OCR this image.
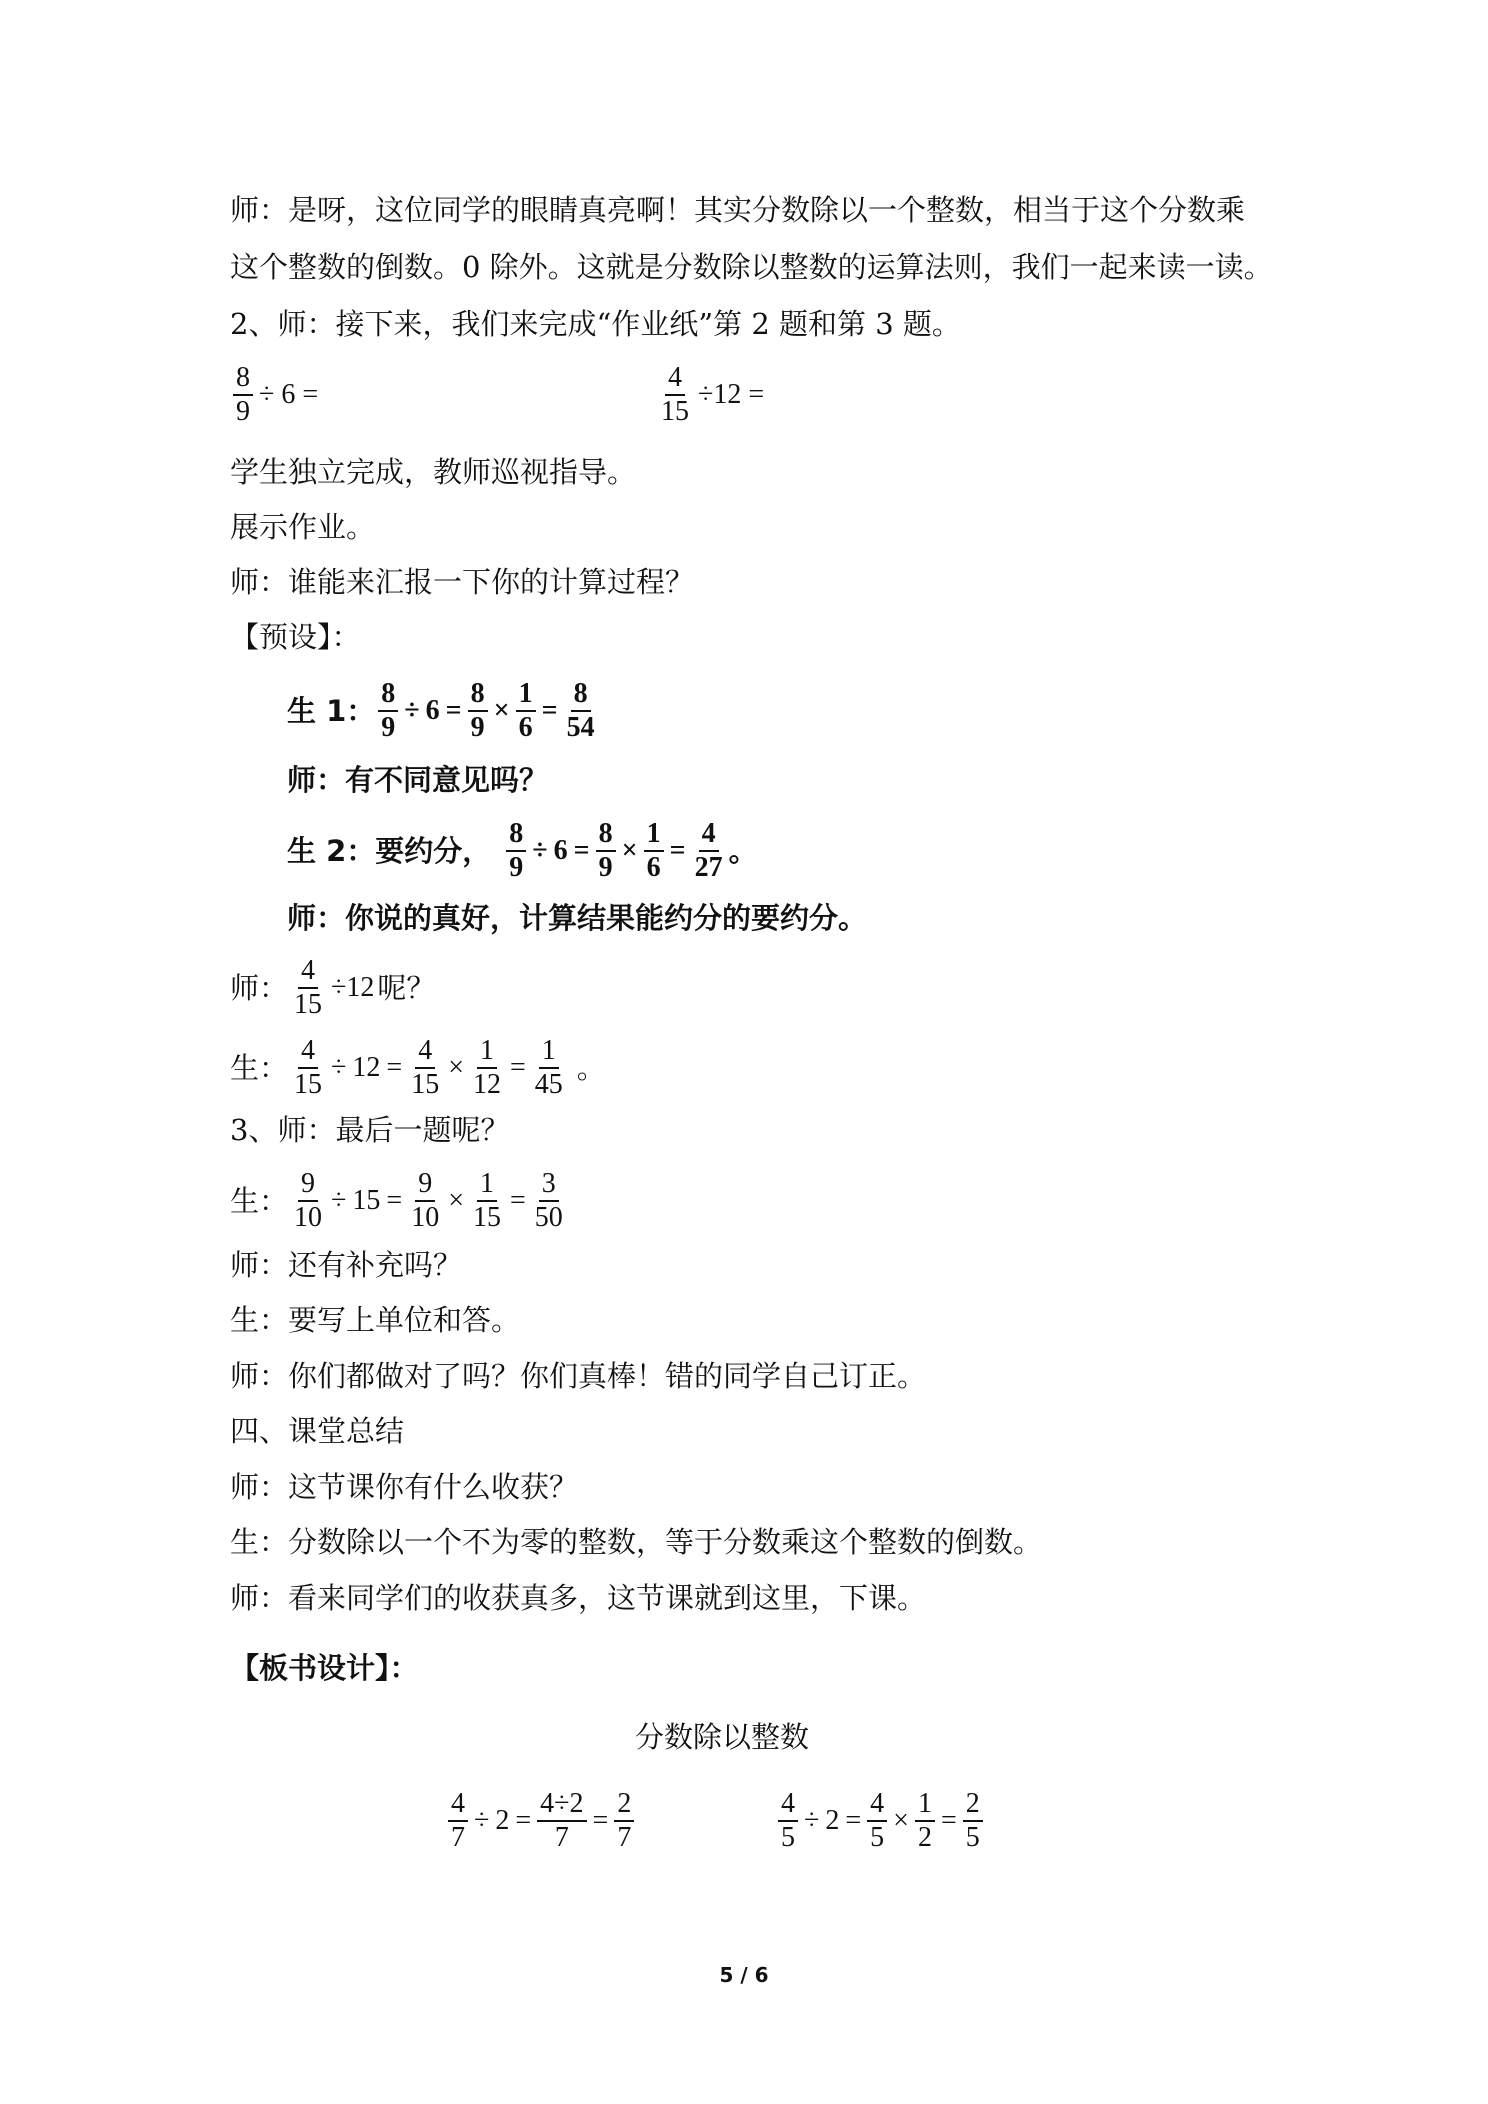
师：是呀，这位同学的眼睛真亮啊！其实分数除以一个整数，相当于这个分数乘
这个整数的倒数。0 除外。这就是分数除以整数的运算法则，我们一起来读一读。
2、师：接下来，我们来完成“作业纸”第 2 题和第 3 题。
$\frac{8}{9} \div 6$ =	$\frac{4}{15} \div 12$ =
学生独立完成，教师巡视指导。
展示作业。
师：谁能来汇报一下你的计算过程？
【预设】：
生 1： $\frac{8}{9} \div 6 = \frac{8}{9} \times \frac{1}{6} = \frac{8}{54}$
师：有不同意见吗？
生 2：要约分， $\frac{8}{9} \div 6 = \frac{8}{9} \times \frac{1}{6} = \frac{4}{27}$ 。
师：你说的真好，计算结果能约分的要约分。
师： $\frac{4}{15} \div 12$ 呢？
生： $\frac{4}{15} \div 12 = \frac{4}{15} \times \frac{1}{12} = \frac{1}{45}$ 。
3、师：最后一题呢？
生： $\frac{9}{10} \div 15 = \frac{9}{10} \times \frac{1}{15} = \frac{3}{50}$
师：还有补充吗？
生：要写上单位和答。
师：你们都做对了吗？你们真棒！错的同学自己订正。
四、课堂总结
师：这节课你有什么收获？
生：分数除以一个不为零的整数，等于分数乘这个整数的倒数。
师：看来同学们的收获真多，这节课就到这里，下课。
【板书设计】：
分数除以整数
$\frac{4}{7} \div 2 = \frac{4\div 2}{7} = \frac{2}{7}$	$\frac{4}{5} \div 2 = \frac{4}{5} \times \frac{1}{2} = \frac{2}{5}$
5 / 6
